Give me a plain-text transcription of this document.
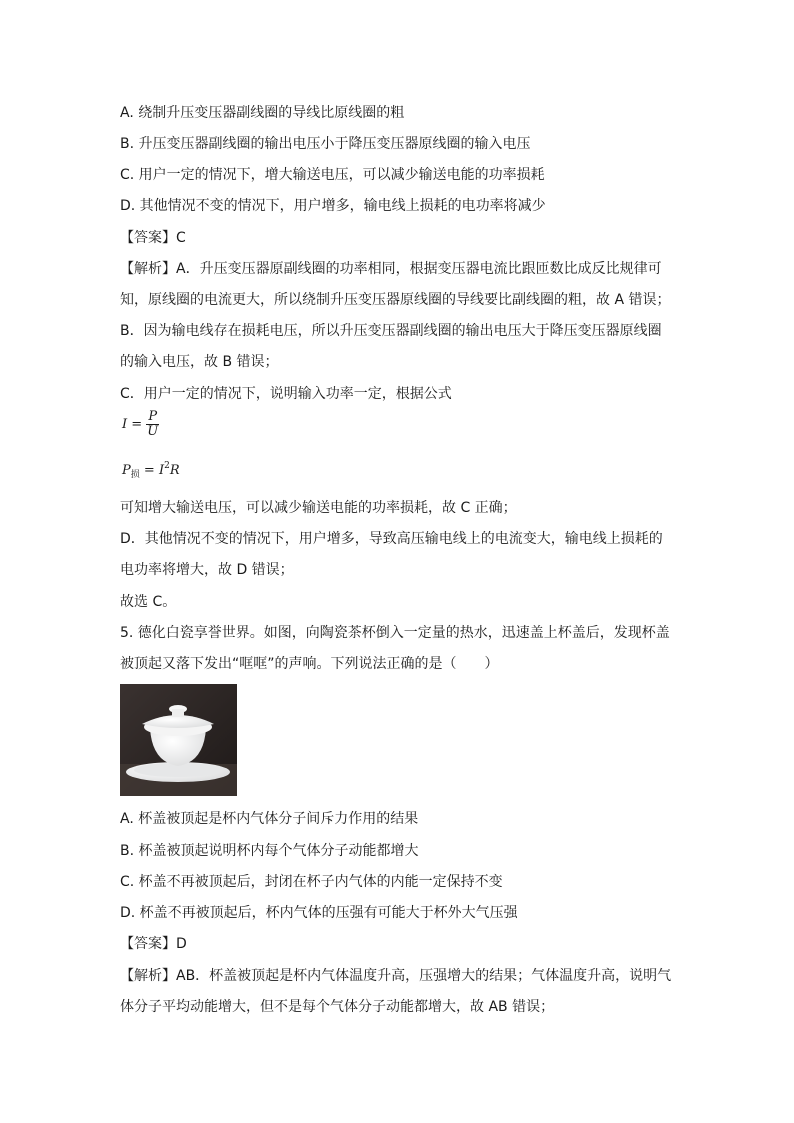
A. 绕制升压变压器副线圈的导线比原线圈的粗
B. 升压变压器副线圈的输出电压小于降压变压器原线圈的输入电压
C. 用户一定的情况下，增大输送电压，可以减少输送电能的功率损耗
D. 其他情况不变的情况下，用户增多，输电线上损耗的电功率将减少
【答案】C
【解析】A．升压变压器原副线圈的功率相同，根据变压器电流比跟匝数比成反比规律可
知，原线圈的电流更大，所以绕制升压变压器原线圈的导线要比副线圈的粗，故 A 错误；
B．因为输电线存在损耗电压，所以升压变压器副线圈的输出电压大于降压变压器原线圈
的输入电压，故 B 错误；
C．用户一定的情况下，说明输入功率一定，根据公式
$I = \frac{P}{U}$
$P_损 = I^2R$
可知增大输送电压，可以减少输送电能的功率损耗，故 C 正确；
D．其他情况不变的情况下，用户增多，导致高压输电线上的电流变大，输电线上损耗的
电功率将增大，故 D 错误；
故选 C。
5. 德化白瓷享誉世界。如图，向陶瓷茶杯倒入一定量的热水，迅速盖上杯盖后，发现杯盖
被顶起又落下发出“哐哐”的声响。下列说法正确的是（　　）
A. 杯盖被顶起是杯内气体分子间斥力作用的结果
B. 杯盖被顶起说明杯内每个气体分子动能都增大
C. 杯盖不再被顶起后，封闭在杯子内气体的内能一定保持不变
D. 杯盖不再被顶起后，杯内气体的压强有可能大于杯外大气压强
【答案】D
【解析】AB．杯盖被顶起是杯内气体温度升高，压强增大的结果；气体温度升高，说明气
体分子平均动能增大，但不是每个气体分子动能都增大，故 AB 错误；
